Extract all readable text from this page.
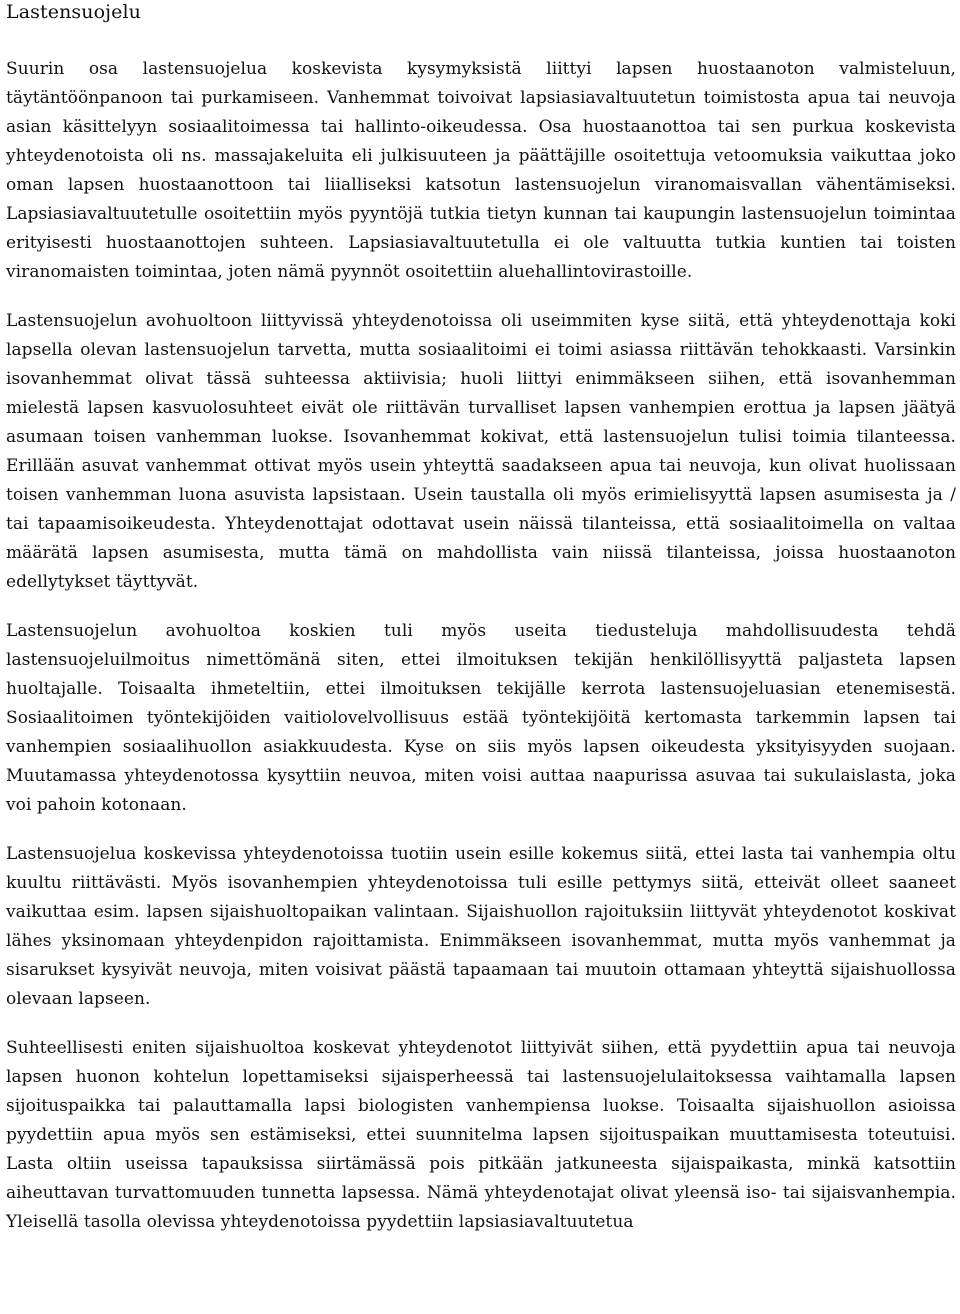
Lastensuojelu

Suurin osa lastensuojelua koskevista kysymyksistä liittyi lapsen huostaanoton valmisteluun, täytäntöönpanoon tai purkamiseen. Vanhemmat toivoivat lapsiasiavaltuutetun toimistosta apua tai neuvoja asian käsittelyyn sosiaalitoimessa tai hallinto-oikeudessa. Osa huostaanottoa tai sen purkua koskevista yhteydenotoista oli ns. massajakeluita eli julkisuuteen ja päättäjille osoitettuja vetoomuksia vaikuttaa joko oman lapsen huostaanottoon tai liialliseksi katsotun lastensuojelun viranomaisvallan vähentämiseksi. Lapsiasiavaltuutetulle osoitettiin myös pyyntöjä tutkia tietyn kunnan tai kaupungin lastensuojelun toimintaa erityisesti huostaanottojen suhteen. Lapsiasiavaltuutetulla ei ole valtuutta tutkia kuntien tai toisten viranomaisten toimintaa, joten nämä pyynnöt osoitettiin aluehallintovirastoille.

Lastensuojelun avohuoltoon liittyvissä yhteydenotoissa oli useimmiten kyse siitä, että yhteydenottaja koki lapsella olevan lastensuojelun tarvetta, mutta sosiaalitoimi ei toimi asiassa riittävän tehokkaasti. Varsinkin isovanhemmat olivat tässä suhteessa aktiivisia; huoli liittyi enimmäkseen siihen, että isovanhemman mielestä lapsen kasvuolosuhteet eivät ole riittävän turvalliset lapsen vanhempien erottua ja lapsen jäätyä asumaan toisen vanhemman luokse. Isovanhemmat kokivat, että lastensuojelun tulisi toimia tilanteessa. Erillään asuvat vanhemmat ottivat myös usein yhteyttä saadakseen apua tai neuvoja, kun olivat huolissaan toisen vanhemman luona asuvista lapsistaan. Usein taustalla oli myös erimielisyyttä lapsen asumisesta ja / tai tapaamisoikeudesta. Yhteydenottajat odottavat usein näissä tilanteissa, että sosiaalitoimella on valtaa määrätä lapsen asumisesta, mutta tämä on mahdollista vain niissä tilanteissa, joissa huostaanoton edellytykset täyttyvät.

Lastensuojelun avohuoltoa koskien tuli myös useita tiedusteluja mahdollisuudesta tehdä lastensuojeluilmoitus nimettömänä siten, ettei ilmoituksen tekijän henkilöllisyyttä paljasteta lapsen huoltajalle. Toisaalta ihmeteltiin, ettei ilmoituksen tekijälle kerrota lastensuojeluasian etenemisestä. Sosiaalitoimen työntekijöiden vaitiolovelvollisuus estää työntekijöitä kertomasta tarkemmin lapsen tai vanhempien sosiaalihuollon asiakkuudesta. Kyse on siis myös lapsen oikeudesta yksityisyyden suojaan. Muutamassa yhteydenotossa kysyttiin neuvoa, miten voisi auttaa naapurissa asuvaa tai sukulaislasta, joka voi pahoin kotonaan.

Lastensuojelua koskevissa yhteydenotoissa tuotiin usein esille kokemus siitä, ettei lasta tai vanhempia oltu kuultu riittävästi. Myös isovanhempien yhteydenotoissa tuli esille pettymys siitä, etteivät olleet saaneet vaikuttaa esim. lapsen sijaishuoltopaikan valintaan. Sijaishuollon rajoituksiin liittyvät yhteydenotot koskivat lähes yksinomaan yhteydenpidon rajoittamista. Enimmäkseen isovanhemmat, mutta myös vanhemmat ja sisarukset kysyivät neuvoja, miten voisivat päästä tapaamaan tai muutoin ottamaan yhteyttä sijaishuollossa olevaan lapseen.

Suhteellisesti eniten sijaishuoltoa koskevat yhteydenotot liittyivät siihen, että pyydettiin apua tai neuvoja lapsen huonon kohtelun lopettamiseksi sijaisperheessä tai lastensuojelulaitoksessa vaihtamalla lapsen sijoituspaikka tai palauttamalla lapsi biologisten vanhempiensa luokse. Toisaalta sijaishuollon asioissa pyydettiin apua myös sen estämiseksi, ettei suunnitelma lapsen sijoituspaikan muuttamisesta toteutuisi. Lasta oltiin useissa tapauksissa siirtämässä pois pitkään jatkuneesta sijaispaikasta, minkä katsottiin aiheuttavan turvattomuuden tunnetta lapsessa. Nämä yhteydenotajat olivat yleensä iso- tai sijaisvanhempia. Yleisellä tasolla olevissa yhteydenotoissa pyydettiin lapsiasiavaltuutetua
